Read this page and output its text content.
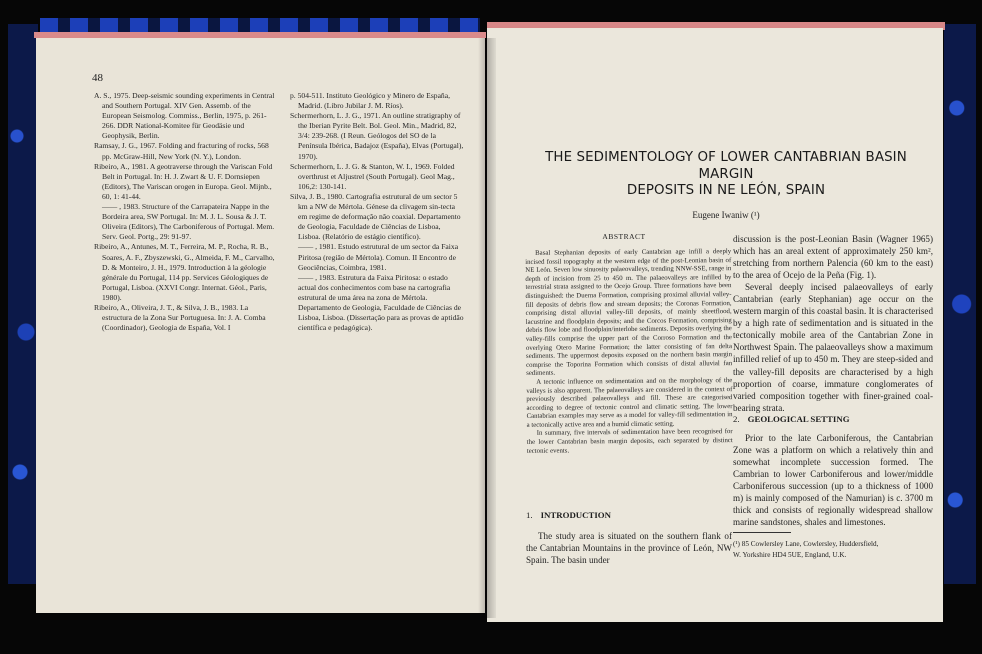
48

A. S., 1975. Deep-seismic sounding experiments in Central and Southern Portugal. XIV Gen. Assemb. of the European Seismolog. Commiss., Berlin, 1975, p. 261-266. DDR National-Komitee für Geodäsie und Geophysik, Berlin.

Ramsay, J. G., 1967. Folding and fracturing of rocks, 568 pp. McGraw-Hill, New York (N. Y.), London.

Ribeiro, A., 1981. A geotraverse through the Variscan Fold Belt in Portugal. In: H. J. Zwart & U. F. Dornsiepen (Editors), The Variscan orogen in Europa. Geol. Mijnb., 60, 1: 41-44.

—— , 1983. Structure of the Carrapateira Nappe in the Bordeira area, SW Portugal. In: M. J. L. Sousa & J. T. Oliveira (Editors), The Carboniferous of Portugal. Mem. Serv. Geol. Portg., 29: 91-97.

Ribeiro, A., Antunes, M. T., Ferreira, M. P., Rocha, R. B., Soares, A. F., Zbyszewski, G., Almeida, F. M., Carvalho, D. & Monteiro, J. H., 1979. Introduction à la géologie générale du Portugal, 114 pp. Services Géologiques de Portugal, Lisboa. (XXVI Congr. Internat. Géol., Paris, 1980).

Ribeiro, A., Oliveira, J. T., & Silva, J. B., 1983. La estructura de la Zona Sur Portuguesa. In: J. A. Comba (Coordinador), Geologia de España, Vol. I

p. 504-511. Instituto Geológico y Minero de España, Madrid. (Libro Jubilar J. M. Ríos).

Schermerhorn, L. J. G., 1971. An outline stratigraphy of the Iberian Pyrite Belt. Bol. Geol. Min., Madrid, 82, 3/4: 239-268. (I Reun. Geólogos del SO de la Península Ibérica, Badajoz (España), Elvas (Portugal), 1970).

Schermerhorn, L. J. G. & Stanton, W. I., 1969. Folded overthrust et Aljustrel (South Portugal). Geol Mag., 106,2: 130-141.

Silva, J. B., 1980. Cartografia estrutural de um sector 5 km a NW de Mértola. Génese da clivagem sin-tecta em regime de deformação não coaxial. Departamento de Geologia, Faculdade de Ciências de Lisboa, Lisboa. (Relatório de estágio científico).

—— , 1981. Estudo estrutural de um sector da Faixa Piritosa (região de Mértola). Comun. II Encontro de Geociências, Coimbra, 1981.

—— , 1983. Estrutura da Faixa Piritosa: o estado actual dos conhecimentos com base na cartografia estrutural de uma área na zona de Mértola. Departamento de Geologia, Faculdade de Ciências de Lisboa, Lisboa. (Dissertação para as provas de aptidão científica e pedagógica).

THE SEDIMENTOLOGY OF LOWER CANTABRIAN BASIN MARGIN
DEPOSITS IN NE LEÓN, SPAIN
Eugene Iwaniw (¹)
ABSTRACT

Basal Stephanian deposits of early Cantabrian age infill a deeply incised fossil topography at the western edge of the post-Leonian basin of NE León. Seven low sinuosity palaeovalleys, trending NNW-SSE, range in depth of incision from 25 to 450 m. The palaeovalleys are infilled by terrestrial strata assigned to the Ocejo Group. Three formations have been distinguished: the Duerna Formation, comprising proximal alluvial valley-fill deposits of debris flow and stream deposits; the Coronas Formation, comprising distal alluvial valley-fill deposits, of mainly sheetflood, lacustrine and floodplain deposits; and the Corcos Formation, comprising debris flow lobe and floodplain/interlobe sediments. Deposits overlying the valley-fills comprise the upper part of the Corroso Formation and the overlying Otero Marine Formation; the latter consisting of fan delta sediments. The uppermost deposits exposed on the northern basin margin comprise the Toporina Formation which consists of distal alluvial fan sediments.

A tectonic influence on sedimentation and on the morphology of the valleys is also apparent. The palaeovalleys are considered in the context of previously described palaeovalleys and fill. These are categorised according to degree of tectonic control and climatic setting. The lower Cantabrian examples may serve as a model for valley-fill sedimentation in a tectonically active area and a humid climatic setting.

In summary, five intervals of sedimentation have been recognised for the lower Cantabrian basin margin deposits, each separated by distinct tectonic events.

1. INTRODUCTION

The study area is situated on the southern flank of the Cantabrian Mountains in the province of León, NW Spain. The basin under

discussion is the post-Leonian Basin (Wagner 1965) which has an areal extent of approximately 250 km², stretching from northern Palencia (60 km to the east) to the area of Ocejo de la Peña (Fig. 1).

Several deeply incised palaeovalleys of early Cantabrian (early Stephanian) age occur on the western margin of this coastal basin. It is characterised by a high rate of sedimentation and is situated in the tectonically mobile area of the Cantabrian Zone in Northwest Spain. The palaeovalleys show a maximum infilled relief of up to 450 m. They are steep-sided and the valley-fill deposits are characterised by a high proportion of coarse, immature conglomerates of varied composition together with finer-grained coal-bearing strata.

2. GEOLOGICAL SETTING

Prior to the late Carboniferous, the Cantabrian Zone was a platform on which a relatively thin and somewhat incomplete succession formed. The Cambrian to lower Carboniferous and lower/middle Carboniferous succession (up to a thickness of 1000 m) is mainly composed of the Namurian) is c. 3700 m thick and consists of regionally widespread shallow marine sandstones, shales and limestones.

(¹) 85 Cowlersley Lane, Cowlersley, Huddersfield,
W. Yorkshire HD4 5UE, England, U.K.
